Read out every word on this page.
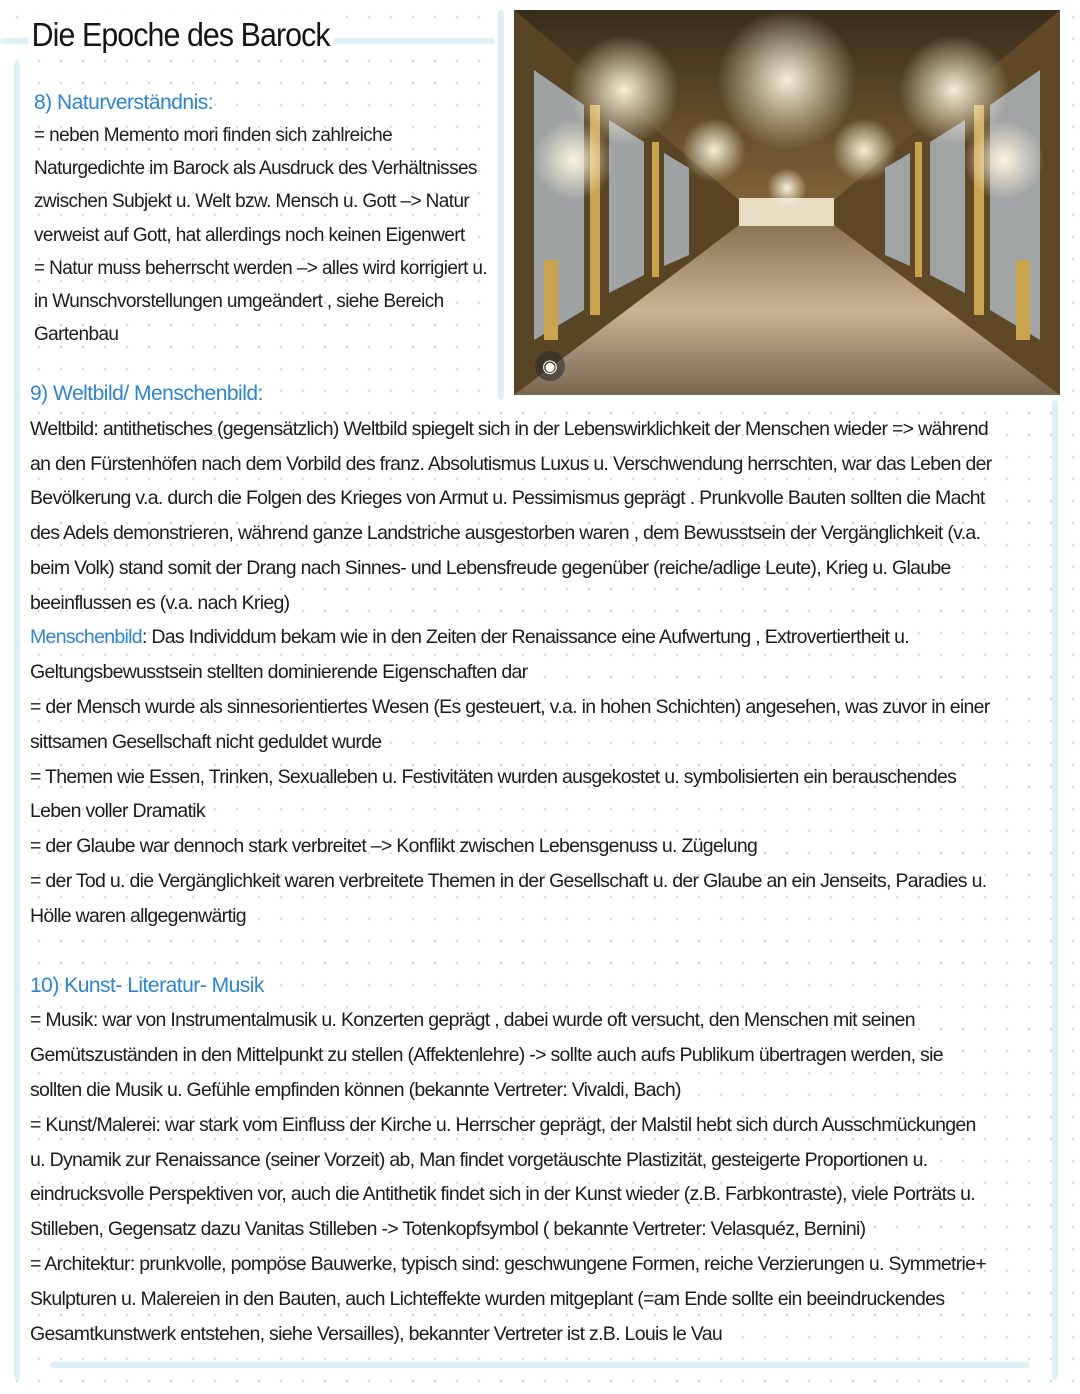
Die Epoche des Barock
8) Naturverständnis:
= neben Memento mori finden sich zahlreiche
Naturgedichte im Barock als Ausdruck des Verhältnisses
zwischen Subjekt u. Welt bzw. Mensch u. Gott –> Natur
verweist auf Gott, hat allerdings noch keinen Eigenwert
= Natur muss beherrscht werden –> alles wird korrigiert u.
in Wunschvorstellungen umgeändert , siehe Bereich
Gartenbau
◉
9) Weltbild/ Menschenbild:
Weltbild: antithetisches (gegensätzlich) Weltbild spiegelt sich in der Lebenswirklichkeit der Menschen wieder => während
an den Fürstenhöfen nach dem Vorbild des franz. Absolutismus Luxus u. Verschwendung herrschten, war das Leben der
Bevölkerung v.a. durch die Folgen des Krieges von Armut u. Pessimismus geprägt . Prunkvolle Bauten sollten die Macht
des Adels demonstrieren, während ganze Landstriche ausgestorben waren , dem Bewusstsein der Vergänglichkeit (v.a.
beim Volk) stand somit der Drang nach Sinnes- und Lebensfreude gegenüber (reiche/adlige Leute), Krieg u. Glaube
beeinflussen es (v.a. nach Krieg)
Menschenbild: Das Individdum bekam wie in den Zeiten der Renaissance eine Aufwertung , Extrovertiertheit u.
Geltungsbewusstsein stellten dominierende Eigenschaften dar
= der Mensch wurde als sinnesorientiertes Wesen (Es gesteuert, v.a. in hohen Schichten) angesehen, was zuvor in einer
sittsamen Gesellschaft nicht geduldet wurde
= Themen wie Essen, Trinken, Sexualleben u. Festivitäten wurden ausgekostet u. symbolisierten ein berauschendes
Leben voller Dramatik
= der Glaube war dennoch stark verbreitet –> Konflikt zwischen Lebensgenuss u. Zügelung
= der Tod u. die Vergänglichkeit waren verbreitete Themen in der Gesellschaft u. der Glaube an ein Jenseits, Paradies u.
Hölle waren allgegenwärtig
10) Kunst- Literatur- Musik
= Musik: war von Instrumentalmusik u. Konzerten geprägt , dabei wurde oft versucht, den Menschen mit seinen
Gemütszuständen in den Mittelpunkt zu stellen (Affektenlehre) -> sollte auch aufs Publikum übertragen werden, sie
sollten die Musik u. Gefühle empfinden können (bekannte Vertreter: Vivaldi, Bach)
= Kunst/Malerei: war stark vom Einfluss der Kirche u. Herrscher geprägt, der Malstil hebt sich durch Ausschmückungen
u. Dynamik zur Renaissance (seiner Vorzeit) ab, Man findet vorgetäuschte Plastizität, gesteigerte Proportionen u.
eindrucksvolle Perspektiven vor, auch die Antithetik findet sich in der Kunst wieder (z.B. Farbkontraste), viele Porträts u.
Stilleben, Gegensatz dazu Vanitas Stilleben -> Totenkopfsymbol ( bekannte Vertreter: Velasquéz, Bernini)
= Architektur: prunkvolle, pompöse Bauwerke, typisch sind: geschwungene Formen, reiche Verzierungen u. Symmetrie+
Skulpturen u. Malereien in den Bauten, auch Lichteffekte wurden mitgeplant (=am Ende sollte ein beeindruckendes
Gesamtkunstwerk entstehen, siehe Versailles), bekannter Vertreter ist z.B. Louis le Vau
